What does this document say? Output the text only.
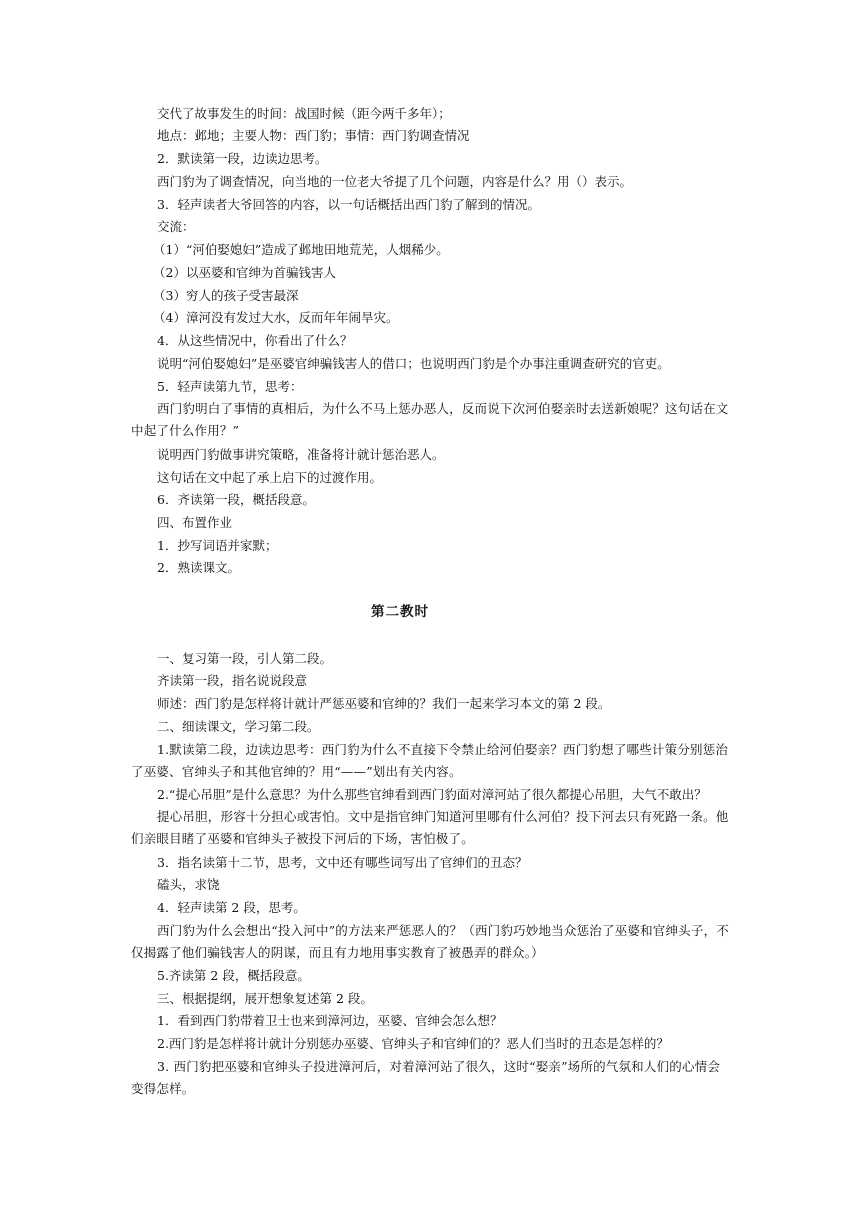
交代了故事发生的时间：战国时候（距今两千多年）；
地点：邺地；主要人物：西门豹；事情：西门豹调查情况
2．默读第一段，边读边思考。
西门豹为了调查情况，向当地的一位老大爷提了几个问题，内容是什么？用（）表示。
3．轻声读者大爷回答的内容，以一句话概括出西门豹了解到的情况。
交流：
（1）“河伯娶媳妇”造成了邺地田地荒芜，人烟稀少。
（2）以巫婆和官绅为首骗钱害人
（3）穷人的孩子受害最深
（4）漳河没有发过大水，反而年年闹旱灾。
4．从这些情况中，你看出了什么？
说明“河伯娶媳妇”是巫婆官绅骗钱害人的借口；也说明西门豹是个办事注重调查研究的官吏。
5．轻声读第九节，思考：
西门豹明白了事情的真相后，为什么不马上惩办恶人，反而说下次河伯娶亲时去送新娘呢？这句话在文中起了什么作用？”
说明西门豹做事讲究策略，准备将计就计惩治恶人。
这句话在文中起了承上启下的过渡作用。
6．齐读第一段，概括段意。
四、布置作业
1．抄写词语并家默；
2．熟读课文。
第二教时
一、复习第一段，引人第二段。
齐读第一段，指名说说段意
师述：西门豹是怎样将计就计严惩巫婆和官绅的？我们一起来学习本文的第 2 段。
二、细读课文，学习第二段。
1.默读第二段，边读边思考：西门豹为什么不直接下令禁止给河伯娶亲？西门豹想了哪些计策分别惩治了巫婆、官绅头子和其他官绅的？用“——”划出有关内容。
2.“提心吊胆”是什么意思？为什么那些官绅看到西门豹面对漳河站了很久都提心吊胆，大气不敢出？
提心吊胆，形容十分担心或害怕。文中是指官绅门知道河里哪有什么河伯？投下河去只有死路一条。他们亲眼目睹了巫婆和官绅头子被投下河后的下场，害怕极了。
3．指名读第十二节，思考，文中还有哪些词写出了官绅们的丑态？
磕头，求饶
4．轻声读第 2 段，思考。
西门豹为什么会想出“投入河中”的方法来严惩恶人的？（西门豹巧妙地当众惩治了巫婆和官绅头子，不仅揭露了他们骗钱害人的阴谋，而且有力地用事实教育了被愚弄的群众。）
5.齐读第 2 段，概括段意。
三、根据提纲，展开想象复述第 2 段。
1．看到西门豹带着卫士也来到漳河边，巫婆、官绅会怎么想？
2.西门豹是怎样将计就计分别惩办巫婆、官绅头子和官绅们的？恶人们当时的丑态是怎样的？
3. 西门豹把巫婆和官绅头子投进漳河后，对着漳河站了很久，这时“娶亲”场所的气氛和人们的心情会变得怎样。
